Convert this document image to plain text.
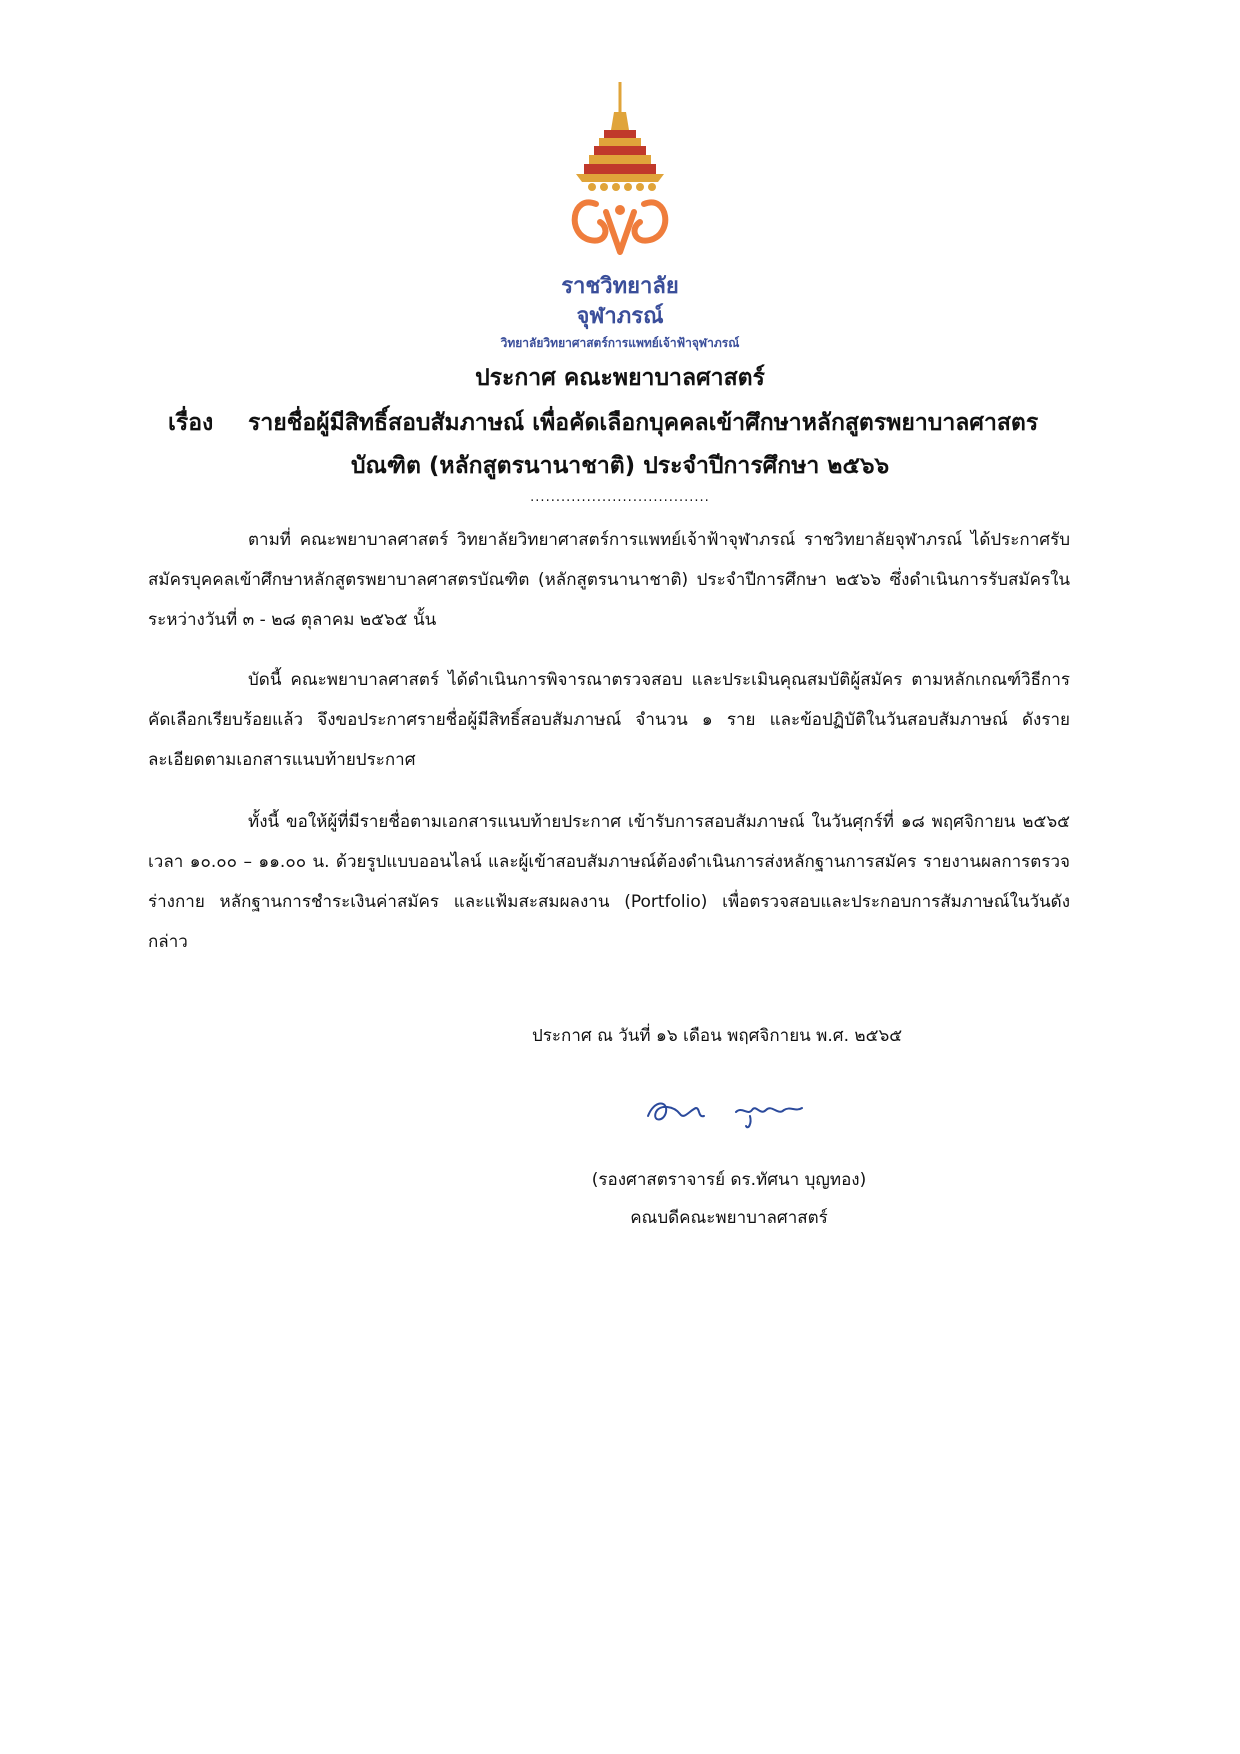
ราชวิทยาลัย
จุฬาภรณ์
วิทยาลัยวิทยาศาสตร์การแพทย์เจ้าฟ้าจุฬาภรณ์
ประกาศ คณะพยาบาลศาสตร์
เรื่อง รายชื่อผู้มีสิทธิ์สอบสัมภาษณ์ เพื่อคัดเลือกบุคคลเข้าศึกษาหลักสูตรพยาบาลศาสตร
บัณฑิต (หลักสูตรนานาชาติ) ประจำปีการศึกษา ๒๕๖๖
...................................
ตามที่ คณะพยาบาลศาสตร์ วิทยาลัยวิทยาศาสตร์การแพทย์เจ้าฟ้าจุฬาภรณ์ ราชวิทยาลัยจุฬาภรณ์ ได้ประกาศรับสมัครบุคคลเข้าศึกษาหลักสูตรพยาบาลศาสตรบัณฑิต (หลักสูตรนานาชาติ) ประจำปีการศึกษา ๒๕๖๖ ซึ่งดำเนินการรับสมัครในระหว่างวันที่ ๓ - ๒๘ ตุลาคม ๒๕๖๕ นั้น
บัดนี้ คณะพยาบาลศาสตร์ ได้ดำเนินการพิจารณาตรวจสอบ และประเมินคุณสมบัติผู้สมัคร ตามหลักเกณฑ์วิธีการคัดเลือกเรียบร้อยแล้ว จึงขอประกาศรายชื่อผู้มีสิทธิ์สอบสัมภาษณ์ จำนวน ๑ ราย และข้อปฏิบัติในวันสอบสัมภาษณ์ ดังรายละเอียดตามเอกสารแนบท้ายประกาศ
ทั้งนี้ ขอให้ผู้ที่มีรายชื่อตามเอกสารแนบท้ายประกาศ เข้ารับการสอบสัมภาษณ์ ในวันศุกร์ที่ ๑๘ พฤศจิกายน ๒๕๖๕ เวลา ๑๐.๐๐ – ๑๑.๐๐ น. ด้วยรูปแบบออนไลน์ และผู้เข้าสอบสัมภาษณ์ต้องดำเนินการส่งหลักฐานการสมัคร รายงานผลการตรวจร่างกาย หลักฐานการชำระเงินค่าสมัคร และแฟ้มสะสมผลงาน (Portfolio) เพื่อตรวจสอบและประกอบการสัมภาษณ์ในวันดังกล่าว
ประกาศ ณ วันที่ ๑๖ เดือน พฤศจิกายน พ.ศ. ๒๕๖๕
(รองศาสตราจารย์ ดร.ทัศนา บุญทอง)
คณบดีคณะพยาบาลศาสตร์
